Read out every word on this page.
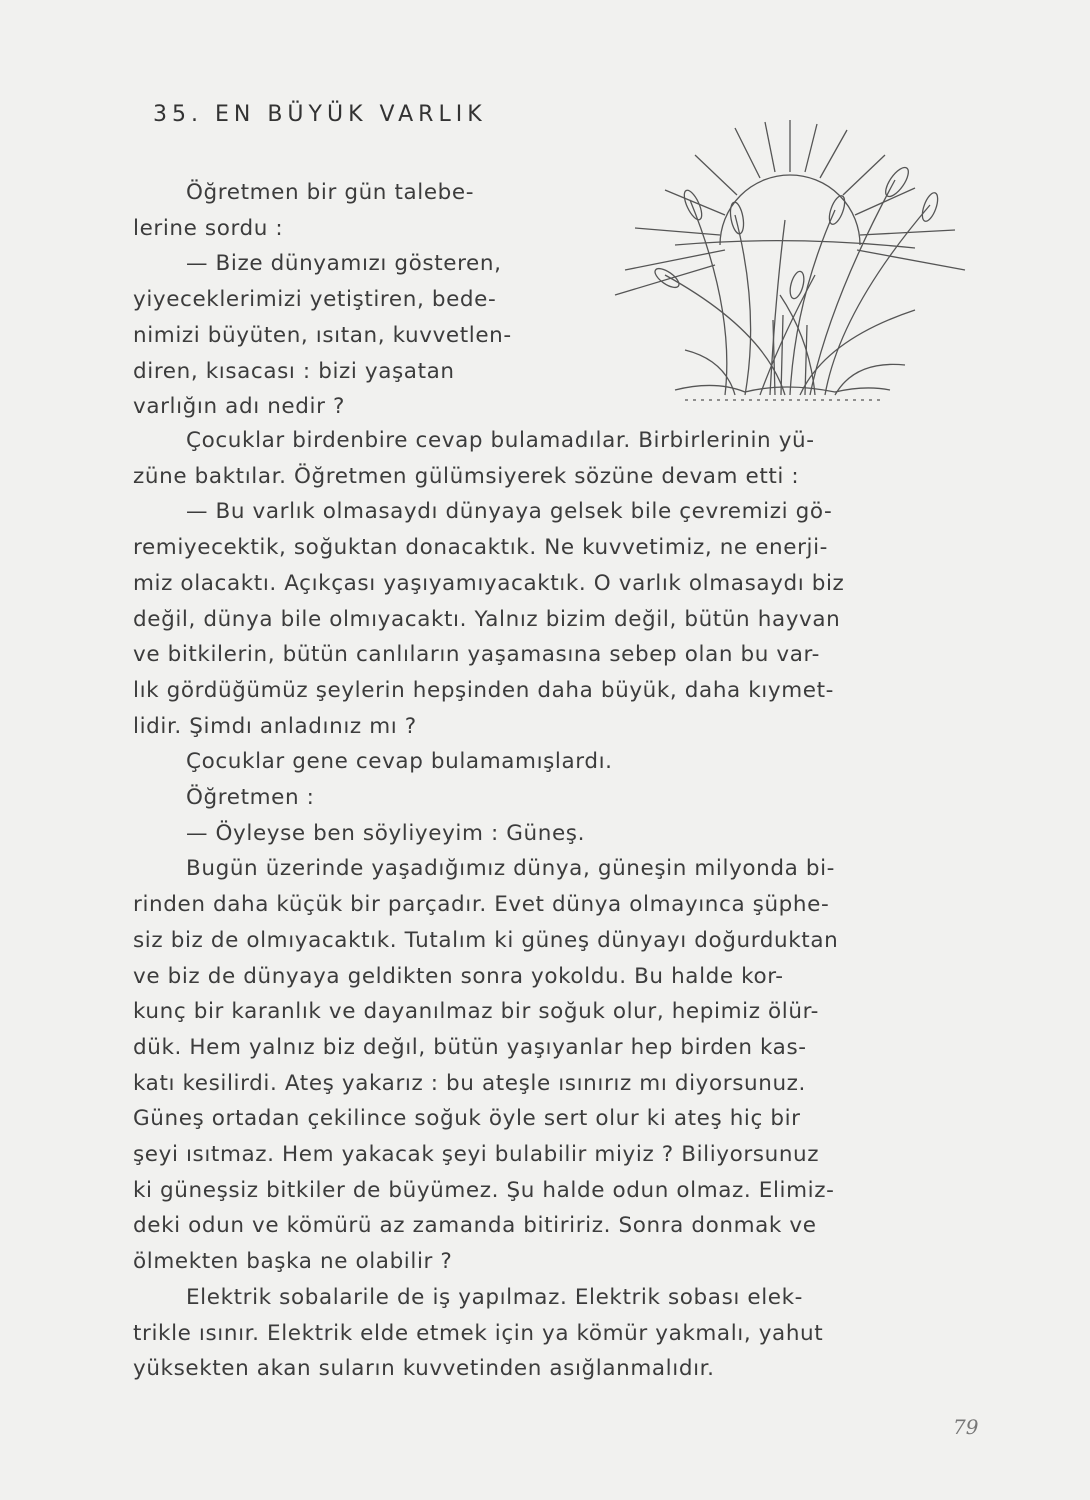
35. EN BÜYÜK VARLIK
Öğretmen bir gün talebe-
lerine sordu :
— Bize dünyamızı gösteren,
yiyeceklerimizi yetiştiren, bede-
nimizi büyüten, ısıtan, kuvvetlen-
diren, kısacası : bizi yaşatan
varlığın adı nedir ?
Çocuklar birdenbire cevap bulamadılar. Birbirlerinin yü-
züne baktılar. Öğretmen gülümsiyerek sözüne devam etti :
— Bu varlık olmasaydı dünyaya gelsek bile çevremizi gö-
remiyecektik, soğuktan donacaktık. Ne kuvvetimiz, ne enerji-
miz olacaktı. Açıkçası yaşıyamıyacaktık. O varlık olmasaydı biz
değil, dünya bile olmıyacaktı. Yalnız bizim değil, bütün hayvan
ve bitkilerin, bütün canlıların yaşamasına sebep olan bu var-
lık gördüğümüz şeylerin hepşinden daha büyük, daha kıymet-
lidir. Şimdı anladınız mı ?
Çocuklar gene cevap bulamamışlardı.
Öğretmen :
— Öyleyse ben söyliyeyim : Güneş.
Bugün üzerinde yaşadığımız dünya, güneşin milyonda bi-
rinden daha küçük bir parçadır. Evet dünya olmayınca şüphe-
siz biz de olmıyacaktık. Tutalım ki güneş dünyayı doğurduktan
ve biz de dünyaya geldikten sonra yokoldu. Bu halde kor-
kunç bir karanlık ve dayanılmaz bir soğuk olur, hepimiz ölür-
dük. Hem yalnız biz değıl, bütün yaşıyanlar hep birden kas-
katı kesilirdi. Ateş yakarız : bu ateşle ısınırız mı diyorsunuz.
Güneş ortadan çekilince soğuk öyle sert olur ki ateş hiç bir
şeyi ısıtmaz. Hem yakacak şeyi bulabilir miyiz ? Biliyorsunuz
ki güneşsiz bitkiler de büyümez. Şu halde odun olmaz. Elimiz-
deki odun ve kömürü az zamanda bitiririz. Sonra donmak ve
ölmekten başka ne olabilir ?
Elektrik sobalarile de iş yapılmaz. Elektrik sobası elek-
trikle ısınır. Elektrik elde etmek için ya kömür yakmalı, yahut
yüksekten akan suların kuvvetinden asığlanmalıdır.
79
